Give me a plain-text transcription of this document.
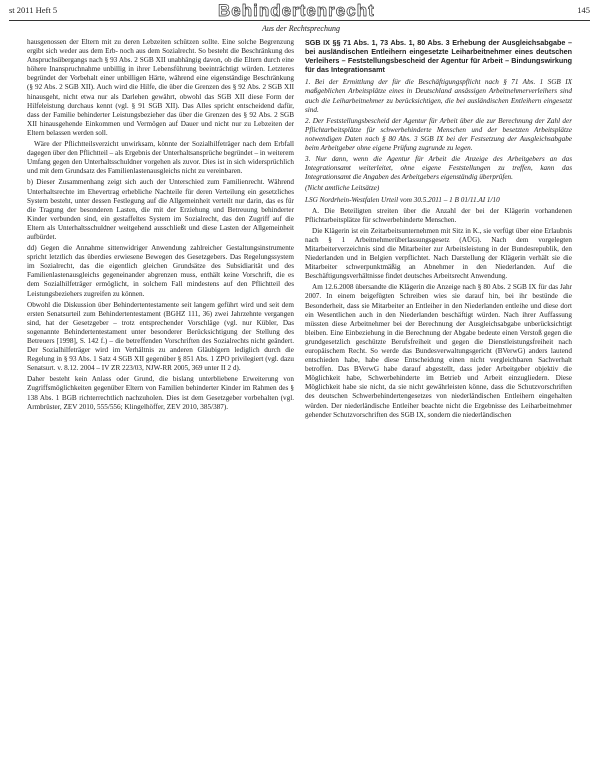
st 2011 Heft 5	Behindertenrecht	145
Aus der Rechtsprechung

hausgenossen der Eltern mit zu deren Lebzeiten schützen sollte. Eine solche Begrenzung ergibt sich weder aus dem Erb- noch aus dem Sozialrecht. So besteht die Beschränkung des Anspruchsübergangs nach § 93 Abs. 2 SGB XII unabhängig davon, ob die Eltern durch eine höhere Inanspruchnahme unbillig in ihrer Lebensführung beeinträchtigt würden. Letzteres begründet der Vorbehalt einer unbilligen Härte, während eine eigenständige Beschränkung (§ 92 Abs. 2 SGB XII). Auch wird die Hilfe, die über die Grenzen des § 92 Abs. 2 SGB XII hinausgeht, nicht etwa nur als Darlehen gewährt, obwohl das SGB XII diese Form der Hilfeleistung durchaus kennt (vgl. § 91 SGB XII). Das Alles spricht entscheidend dafür, dass der Familie behinderter Leistungsbezieher das über die Grenzen des § 92 Abs. 2 SGB XII hinausgehende Einkommen und Vermögen auf Dauer und nicht nur zu Lebzeiten der Eltern belassen werden soll.

Wäre der Pflichtteilsverzicht unwirksam, könnte der Sozialhilfeträger nach dem Erbfall dagegen über den Pflichtteil – als Ergebnis der Unterhaltsansprüche begründet – in weiterem Umfang gegen den Unterhaltsschuldner vorgehen als zuvor. Dies ist in sich widersprüchlich und mit dem Grundsatz des Familienlastenausgleichs nicht zu vereinbaren.

b) Dieser Zusammenhang zeigt sich auch der Unterschied zum Familienrecht. Während Unterhaltsrechte im Ehevertrag erhebliche Nachteile für deren Verteilung ein gesetzliches System besteht, unter dessen Festlegung auf die Allgemeinheit verteilt nur darin, das es für die Tragung der besonderen Lasten, die mit der Erziehung und Betreuung behinderter Kinder verbunden sind, ein gestaffeltes System im Sozialrecht, das den Zugriff auf die Eltern als Unterhaltsschuldner weitgehend ausschließt und diese Lasten der Allgemeinheit aufbürdet.

dd) Gegen die Annahme sittenwidriger Anwendung zahlreicher Gestaltungsinstrumente spricht letztlich das überdies erwiesene Bewegen des Gesetzgebers. Das Regelungssystem im Sozialrecht, das die eigentlich gleichen Grundsätze des Subsidiarität und des Familienlastenausgleichs gegeneinander abgrenzen muss, enthält keine Vorschrift, die es dem Sozialhilfeträger ermöglicht, in solchem Fall mindestens auf den Pflichtteil des Leistungsbeziehers zugreifen zu können.

Obwohl die Diskussion über Behindertentestamente seit langem geführt wird und seit dem ersten Senatsurteil zum Behindertentestament (BGHZ 111, 36) zwei Jahrzehnte vergangen sind, hat der Gesetzgeber – trotz entsprechender Vorschläge (vgl. nur Kübler, Das sogenannte Behindertentestament unter besonderer Berücksichtigung der Stellung des Betreuers [1998], S. 142 f.) – die betreffenden Vorschriften des Sozialrechts nicht geändert. Der Sozialhilfeträger wird im Verhältnis zu anderen Gläubigern lediglich durch die Regelung in § 93 Abs. 1 Satz 4 SGB XII gegenüber § 851 Abs. 1 ZPO privilegiert (vgl. dazu Senatsurt. v. 8.12. 2004 – IV ZR 223/03, NJW-RR 2005, 369 unter II 2 d).

Daher besteht kein Anlass oder Grund, die bislang unterbliebene Erweiterung von Zugriffsmöglichkeiten gegenüber Eltern von Familien behinderter Kinder im Rahmen des § 138 Abs. 1 BGB richterrechtlich nachzuholen. Dies ist dem Gesetzgeber vorbehalten (vgl. Armbrüster, ZEV 2010, 555/556; Klingelhöffer, ZEV 2010, 385/387).

SGB IX §§ 71 Abs. 1, 73 Abs. 1, 80 Abs. 3 Erhebung der Ausgleichsabgabe – bei ausländischen Entleihern eingesetzte Leiharbeitnehmer eines deutschen Verleihers – Feststellungsbescheid der Agentur für Arbeit – Bindungswirkung für das Integrationsamt

1. Bei der Ermittlung der für die Beschäftigungspflicht nach § 71 Abs. 1 SGB IX maßgeblichen Arbeitsplätze eines in Deutschland ansässigen Arbeitnehmerverleihers sind auch die Leiharbeitnehmer zu berücksichtigen, die bei ausländischen Entleihern eingesetzt sind.

2. Der Feststellungsbescheid der Agentur für Arbeit über die zur Berechnung der Zahl der Pflichtarbeitsplätze für schwerbehinderte Menschen und der besetzten Arbeitsplätze notwendigen Daten nach § 80 Abs. 3 SGB IX bei der Festsetzung der Ausgleichsabgabe beim Arbeitgeber ohne eigene Prüfung zugrunde zu legen.

3. Nur dann, wenn die Agentur für Arbeit die Anzeige des Arbeitgebers an das Integrationsamt weiterleitet, ohne eigene Feststellungen zu treffen, kann das Integrationsamt die Angaben des Arbeitgebers eigenständig überprüfen.

(Nicht amtliche Leitsätze)

LSG Nordrhein-Westfalen Urteil vom 30.5.2011 – 1 B 01/11.AI 1/10

A. Die Beteiligten streiten über die Anzahl der bei der Klägerin vorhandenen Pflichtarbeitsplätze für schwerbehinderte Menschen.

Die Klägerin ist ein Zeitarbeitsunternehmen mit Sitz in K., sie verfügt über eine Erlaubnis nach § 1 Arbeitnehmerüberlassungsgesetz (AÜG). Nach dem vorgelegten Mitarbeiterverzeichnis sind die Mitarbeiter zur Arbeitsleistung in der Bundesrepublik, den Niederlanden und in Belgien verpflichtet. Nach Darstellung der Klägerin verhält sie die Mitarbeiter schwerpunktmäßig an Abnehmer in den Niederlanden. Auf die Beschäftigungsverhältnisse findet deutsches Arbeitsrecht Anwendung.

Am 12.6.2008 übersandte die Klägerin die Anzeige nach § 80 Abs. 2 SGB IX für das Jahr 2007. In einem beigefügten Schreiben wies sie darauf hin, bei ihr bestünde die Besonderheit, dass sie Mitarbeiter an Entleiher in den Niederlanden entleihe und diese dort ein Wesentlichen auch in den Niederlanden beschäftigt würden. Nach ihrer Auffassung müssten diese Arbeitnehmer bei der Berechnung der Ausgleichsabgabe unberücksichtigt bleiben. Eine Einbeziehung in die Berechnung der Abgabe bedeute einen Verstoß gegen die grundgesetzlich geschützte Berufsfreiheit und gegen die Dienstleistungsfreiheit nach europäischem Recht. So werde das Bundesverwaltungsgericht (BVerwG) anders lautend entschieden habe, habe diese Entscheidung einen nicht vergleichbaren Sachverhalt betroffen. Das BVerwG habe darauf abgestellt, dass jeder Arbeitgeber objektiv die Möglichkeit habe, Schwerbehinderte im Betrieb und Arbeit einzugliedern. Diese Möglichkeit habe sie nicht, da sie nicht gewährleisten könne, dass die Schutzvorschriften des deutschen Schwerbehindertengesetzes von niederländischen Entleihern eingehalten würden. Der niederländische Entleiher beachte nicht die Ergebnisse des Leiharbeitnehmer gehender Schutzvorschriften des SGB IX, sondern die niederländischen
